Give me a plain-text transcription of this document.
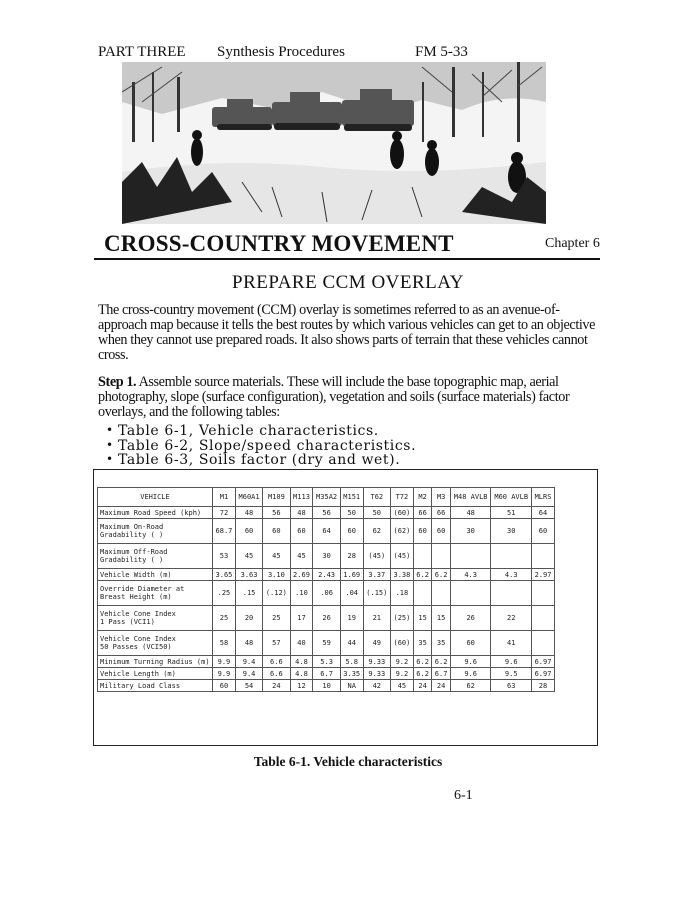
PART THREE Synthesis Procedures	FM 5-33
CROSS-COUNTRY MOVEMENT	Chapter 6
PREPARE CCM OVERLAY
The cross-country movement (CCM) overlay is sometimes referred to as an avenue-of-approach map because it tells the best routes by which various vehicles can get to an objective when they cannot use prepared roads. It also shows parts of terrain that these vehicles cannot cross.
Step 1. Assemble source materials. These will include the base topographic map, aerial photography, slope (surface configuration), vegetation and soils (surface materials) factor overlays, and the following tables:
• Table 6-1, Vehicle characteristics.
• Table 6-2, Slope/speed characteristics.
• Table 6-3, Soils factor (dry and wet).
VEHICLE	M1	M60A1	M109	M113	M35A2	M151	T62	T72	M2	M3	M48 AVLB	M60 AVLB	MLRS
Maximum Road Speed (kph)	72	48	56	48	56	50	50	(60)	66	66	48	51	64
Maximum On-Road
Gradability ( )	68.7	60	60	60	64	60	62	(62)	60	60	30	30	60
Maximum Off-Road
Gradability ( )	53	45	45	45	30	28	(45)	(45)					
Vehicle Width (m)	3.65	3.63	3.10	2.69	2.43	1.69	3.37	3.38	6.2	6.2	4.3	4.3	2.97
Override Diameter at
Breast Height (m)	.25	.15	(.12)	.10	.06	.04	(.15)	.18					
Vehicle Cone Index
1 Pass (VCI1)	25	20	25	17	26	19	21	(25)	15	15	26	22	
Vehicle Cone Index
50 Passes (VCI50)	58	48	57	40	59	44	49	(60)	35	35	60	41	
Minimum Turning Radius (m)	9.9	9.4	6.6	4.8	5.3	5.8	9.33	9.2	6.2	6.2	9.6	9.6	6.97
Vehicle Length (m)	9.9	9.4	6.6	4.8	6.7	3.35	9.33	9.2	6.2	6.7	9.6	9.5	6.97
Military Load Class	60	54	24	12	10	NA	42	45	24	24	62	63	28
Table 6-1. Vehicle characteristics
6-1
